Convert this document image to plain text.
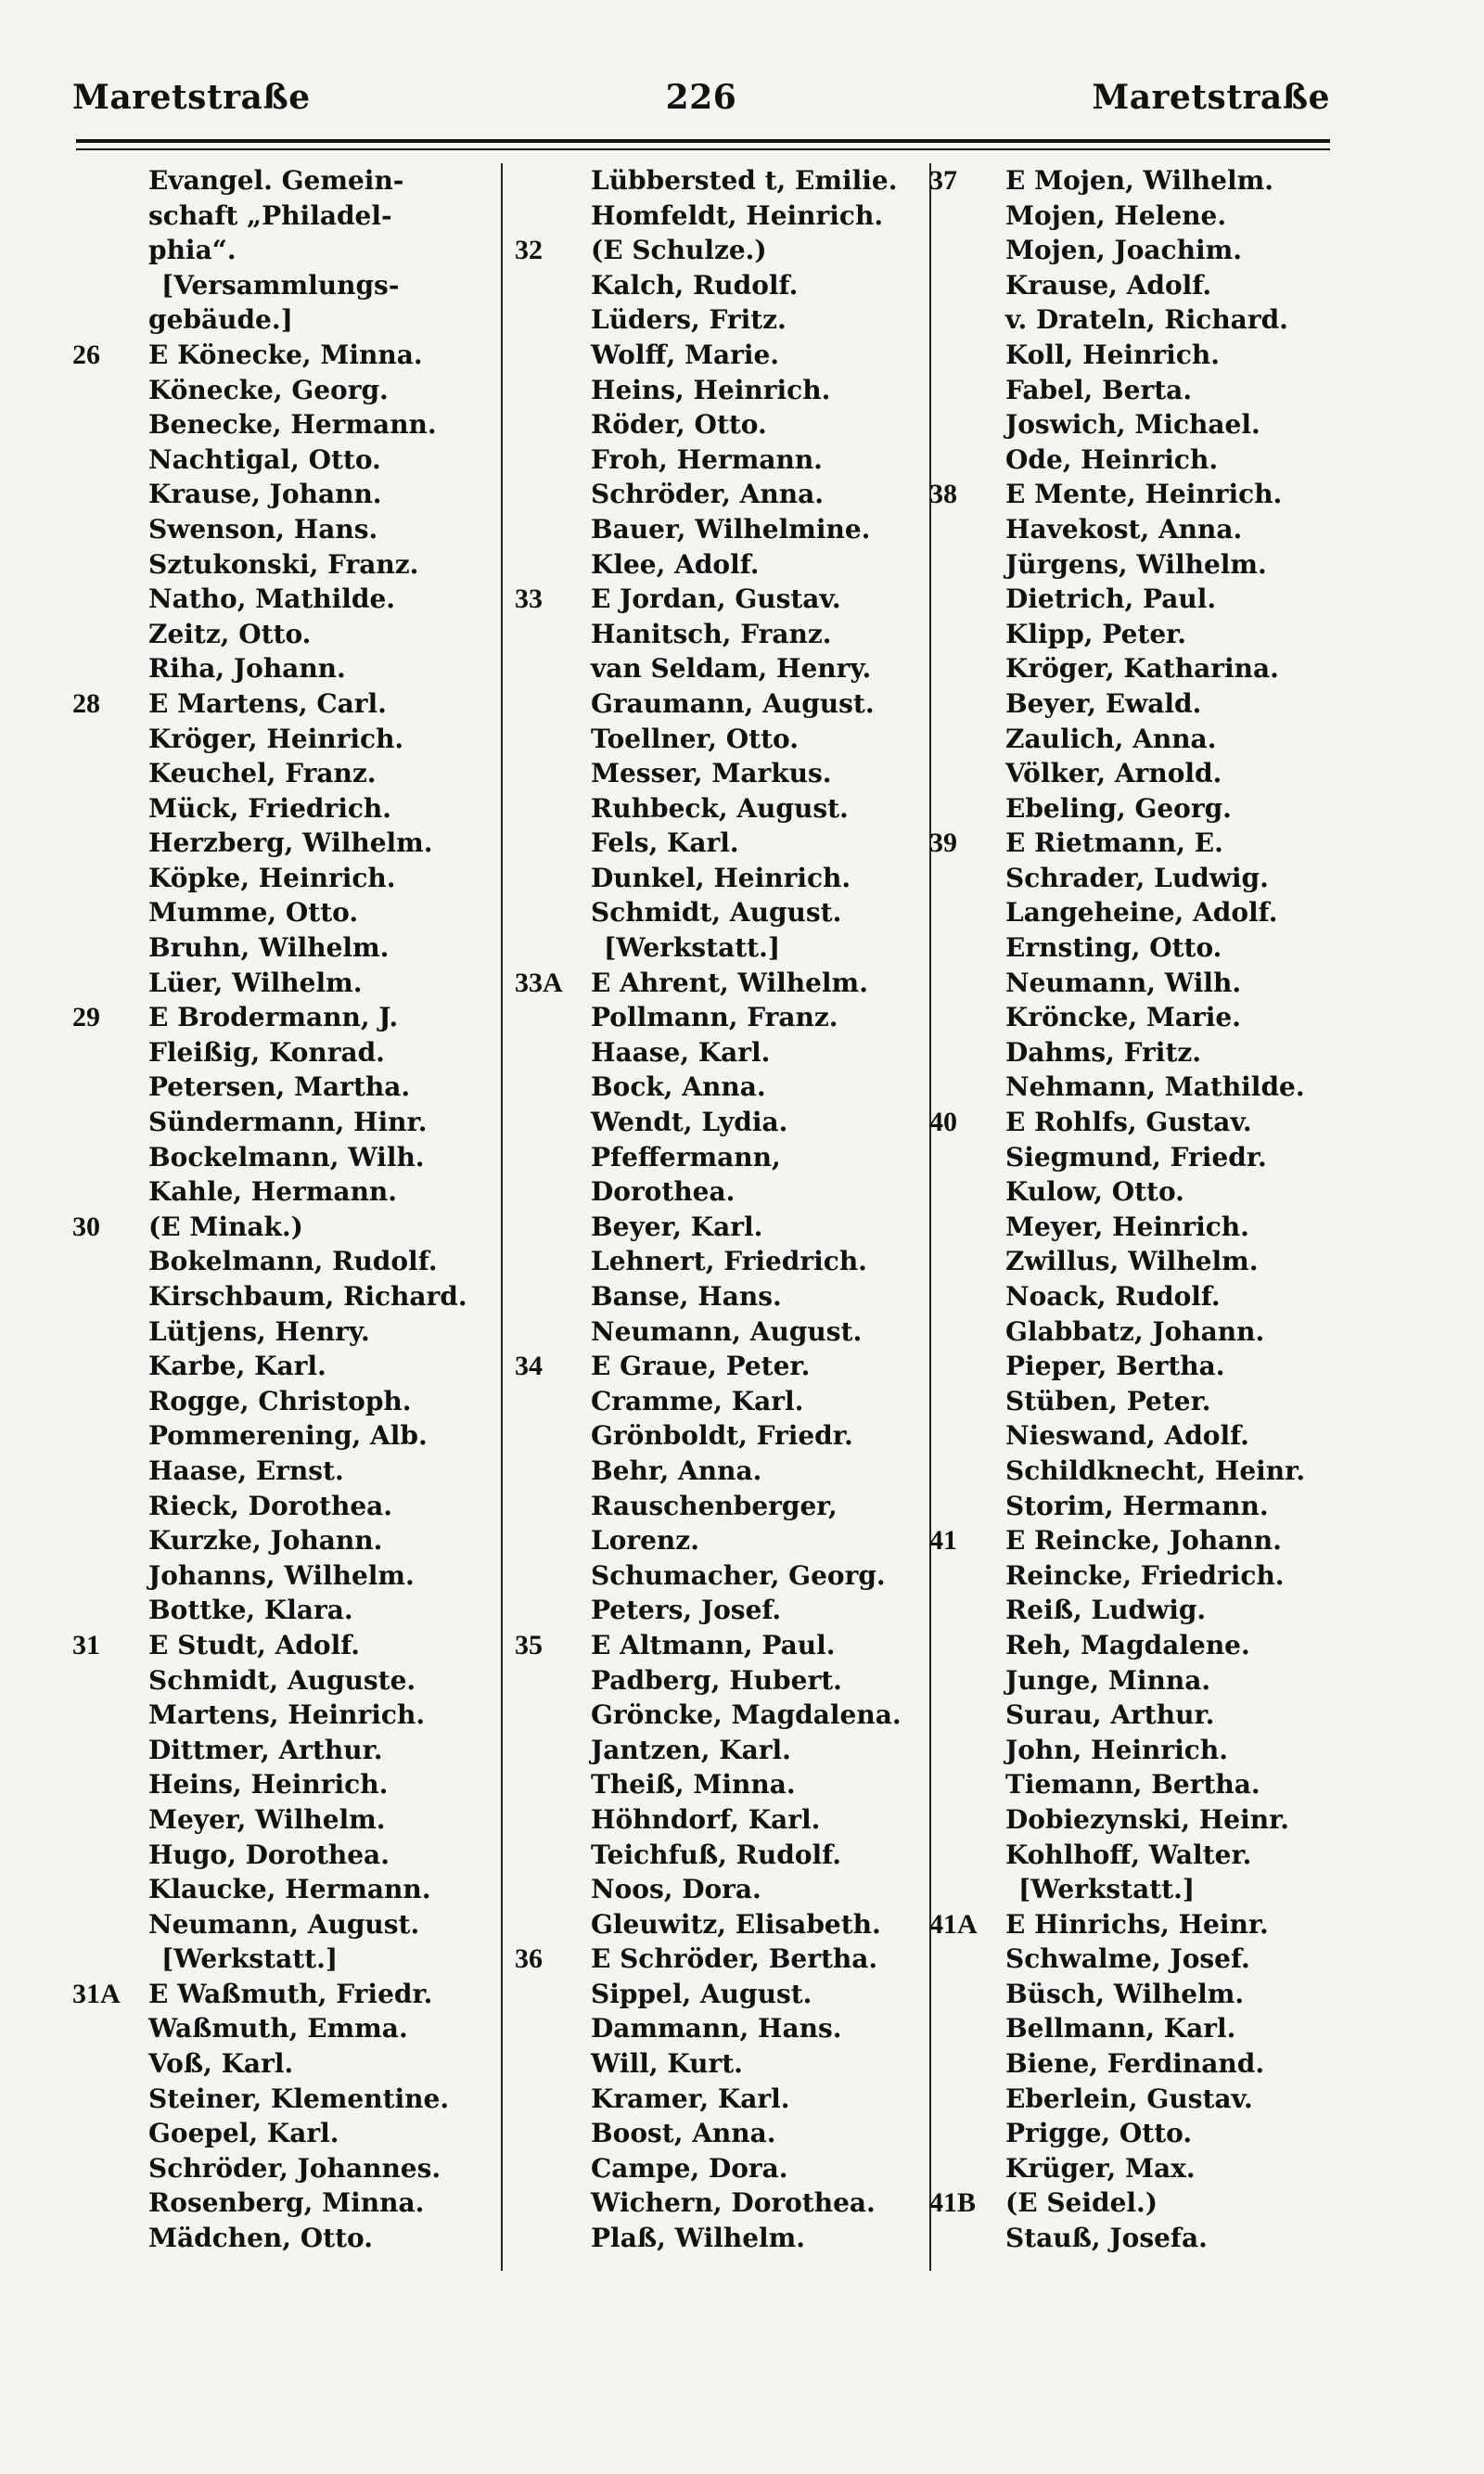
Maretstraße	226	Maretstraße
Evangel. Gemein-
schaft „Philadel-
phia“.
[Versammlungs-
gebäude.]
26 E Könecke, Minna.
Könecke, Georg.
Benecke, Hermann.
Nachtigal, Otto.
Krause, Johann.
Swenson, Hans.
Sztukonski, Franz.
Natho, Mathilde.
Zeitz, Otto.
Riha, Johann.
28 E Martens, Carl.
Kröger, Heinrich.
Keuchel, Franz.
Mück, Friedrich.
Herzberg, Wilhelm.
Köpke, Heinrich.
Mumme, Otto.
Bruhn, Wilhelm.
Lüer, Wilhelm.
29 E Brodermann, J.
Fleißig, Konrad.
Petersen, Martha.
Sündermann, Hinr.
Bockelmann, Wilh.
Kahle, Hermann.
30 (E Minak.)
Bokelmann, Rudolf.
Kirschbaum, Richard.
Lütjens, Henry.
Karbe, Karl.
Rogge, Christoph.
Pommerening, Alb.
Haase, Ernst.
Rieck, Dorothea.
Kurzke, Johann.
Johanns, Wilhelm.
Bottke, Klara.
31 E Studt, Adolf.
Schmidt, Auguste.
Martens, Heinrich.
Dittmer, Arthur.
Heins, Heinrich.
Meyer, Wilhelm.
Hugo, Dorothea.
Klaucke, Hermann.
Neumann, August.
[Werkstatt.]
31A E Waßmuth, Friedr.
Waßmuth, Emma.
Voß, Karl.
Steiner, Klementine.
Goepel, Karl.
Schröder, Johannes.
Rosenberg, Minna.
Mädchen, Otto.
Lübbersted t, Emilie.
Homfeldt, Heinrich.
32 (E Schulze.)
Kalch, Rudolf.
Lüders, Fritz.
Wolff, Marie.
Heins, Heinrich.
Röder, Otto.
Froh, Hermann.
Schröder, Anna.
Bauer, Wilhelmine.
Klee, Adolf.
33 E Jordan, Gustav.
Hanitsch, Franz.
van Seldam, Henry.
Graumann, August.
Toellner, Otto.
Messer, Markus.
Ruhbeck, August.
Fels, Karl.
Dunkel, Heinrich.
Schmidt, August.
[Werkstatt.]
33A E Ahrent, Wilhelm.
Pollmann, Franz.
Haase, Karl.
Bock, Anna.
Wendt, Lydia.
Pfeffermann,
Dorothea.
Beyer, Karl.
Lehnert, Friedrich.
Banse, Hans.
Neumann, August.
34 E Graue, Peter.
Cramme, Karl.
Grönboldt, Friedr.
Behr, Anna.
Rauschenberger,
Lorenz.
Schumacher, Georg.
Peters, Josef.
35 E Altmann, Paul.
Padberg, Hubert.
Gröncke, Magdalena.
Jantzen, Karl.
Theiß, Minna.
Höhndorf, Karl.
Teichfuß, Rudolf.
Noos, Dora.
Gleuwitz, Elisabeth.
36 E Schröder, Bertha.
Sippel, August.
Dammann, Hans.
Will, Kurt.
Kramer, Karl.
Boost, Anna.
Campe, Dora.
Wichern, Dorothea.
Plaß, Wilhelm.
37 E Mojen, Wilhelm.
Mojen, Helene.
Mojen, Joachim.
Krause, Adolf.
v. Drateln, Richard.
Koll, Heinrich.
Fabel, Berta.
Joswich, Michael.
Ode, Heinrich.
38 E Mente, Heinrich.
Havekost, Anna.
Jürgens, Wilhelm.
Dietrich, Paul.
Klipp, Peter.
Kröger, Katharina.
Beyer, Ewald.
Zaulich, Anna.
Völker, Arnold.
Ebeling, Georg.
39 E Rietmann, E.
Schrader, Ludwig.
Langeheine, Adolf.
Ernsting, Otto.
Neumann, Wilh.
Kröncke, Marie.
Dahms, Fritz.
Nehmann, Mathilde.
40 E Rohlfs, Gustav.
Siegmund, Friedr.
Kulow, Otto.
Meyer, Heinrich.
Zwillus, Wilhelm.
Noack, Rudolf.
Glabbatz, Johann.
Pieper, Bertha.
Stüben, Peter.
Nieswand, Adolf.
Schildknecht, Heinr.
Storim, Hermann.
41 E Reincke, Johann.
Reincke, Friedrich.
Reiß, Ludwig.
Reh, Magdalene.
Junge, Minna.
Surau, Arthur.
John, Heinrich.
Tiemann, Bertha.
Dobiezynski, Heinr.
Kohlhoff, Walter.
[Werkstatt.]
41A E Hinrichs, Heinr.
Schwalme, Josef.
Büsch, Wilhelm.
Bellmann, Karl.
Biene, Ferdinand.
Eberlein, Gustav.
Prigge, Otto.
Krüger, Max.
41B (E Seidel.)
Stauß, Josefa.
